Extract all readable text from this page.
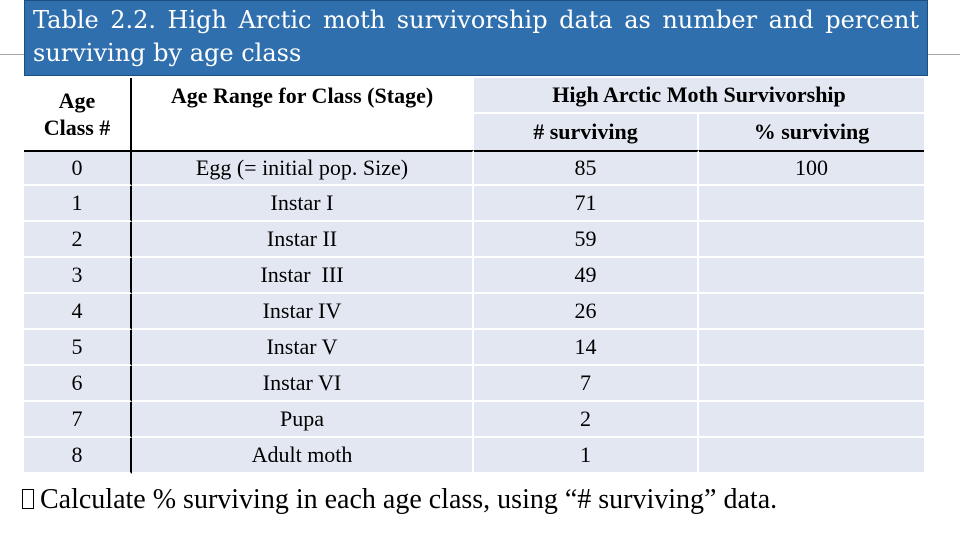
Table 2.2. High Arctic moth survivorship data as number and percent surviving by age class
Age Class #	Age Range for Class (Stage)	High Arctic Moth Survivorship	
		# surviving	% surviving
0	Egg (= initial pop. Size)	85	100
1	Instar I	71	
2	Instar II	59	
3	Instar  III	49	
4	Instar IV	26	
5	Instar V	14	
6	Instar VI	7	
7	Pupa	2	
8	Adult moth	1	
Calculate % surviving in each age class, using “# surviving” data.
